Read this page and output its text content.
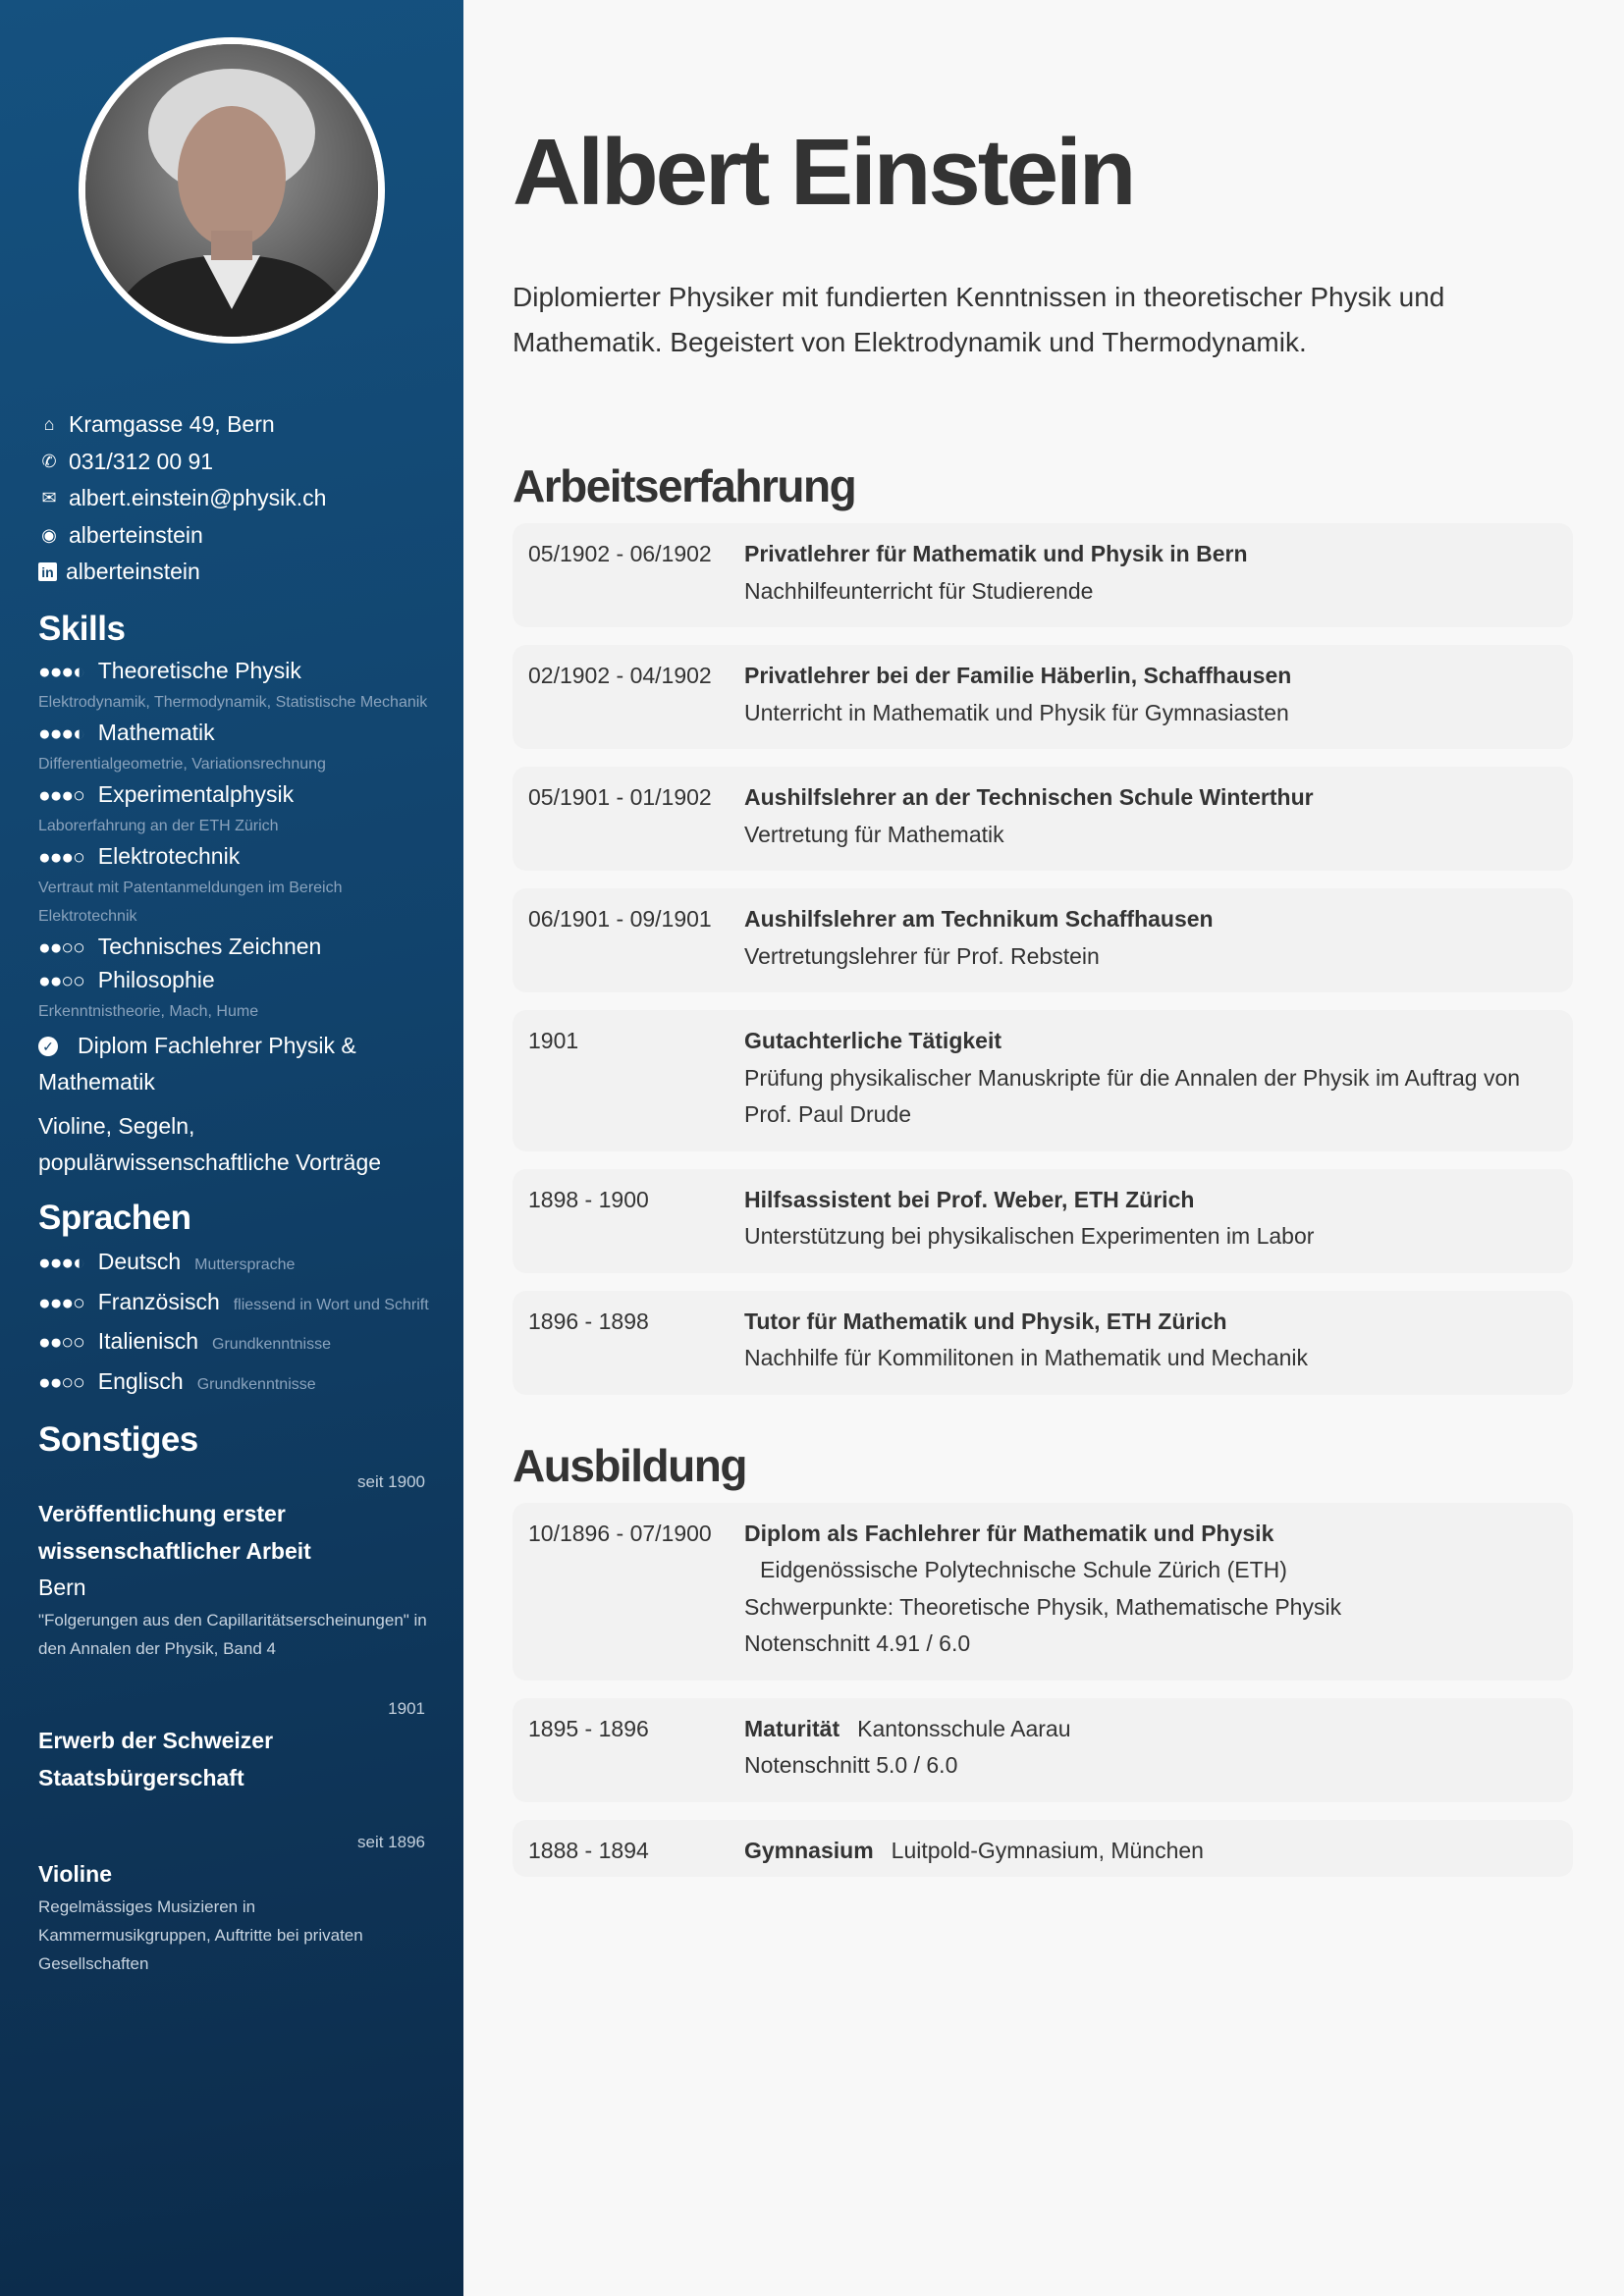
⌂ Kramgasse 49, Bern
✆ 031/312 00 91
✉ albert.einstein@physik.ch
◉ alberteinstein
in alberteinstein
Skills
●●●◐ Theoretische Physik
Elektrodynamik, Thermodynamik, Statistische Mechanik
●●●◐ Mathematik
Differentialgeometrie, Variationsrechnung
●●●○ Experimentalphysik
Laborerfahrung an der ETH Zürich
●●●○ Elektrotechnik
Vertraut mit Patentanmeldungen im Bereich Elektrotechnik
●●○○ Technisches Zeichnen
●●○○ Philosophie
Erkenntnistheorie, Mach, Hume
✓ Diplom Fachlehrer Physik & Mathematik
Violine, Segeln, populärwissenschaftliche Vorträge
Sprachen
●●●◐ Deutsch Muttersprache
●●●○ Französisch fliessend in Wort und Schrift
●●○○ Italienisch Grundkenntnisse
●●○○ Englisch Grundkenntnisse
Sonstiges
seit 1900
Veröffentlichung erster wissenschaftlicher Arbeit
Bern
"Folgerungen aus den Capillaritätserscheinungen" in den Annalen der Physik, Band 4
1901
Erwerb der Schweizer Staatsbürgerschaft
seit 1896
Violine
Regelmässiges Musizieren in Kammermusikgruppen, Auftritte bei privaten Gesellschaften
Albert Einstein
Diplomierter Physiker mit fundierten Kenntnissen in theoretischer Physik und Mathematik. Begeistert von Elektrodynamik und Thermodynamik.
Arbeitserfahrung
05/1902 - 06/1902	Privatlehrer für Mathematik und Physik in Bern
Nachhilfeunterricht für Studierende
02/1902 - 04/1902	Privatlehrer bei der Familie Häberlin, Schaffhausen
Unterricht in Mathematik und Physik für Gymnasiasten
05/1901 - 01/1902	Aushilfslehrer an der Technischen Schule Winterthur
Vertretung für Mathematik
06/1901 - 09/1901	Aushilfslehrer am Technikum Schaffhausen
Vertretungslehrer für Prof. Rebstein
1901	Gutachterliche Tätigkeit
Prüfung physikalischer Manuskripte für die Annalen der Physik im Auftrag von Prof. Paul Drude
1898 - 1900	Hilfsassistent bei Prof. Weber, ETH Zürich
Unterstützung bei physikalischen Experimenten im Labor
1896 - 1898	Tutor für Mathematik und Physik, ETH Zürich
Nachhilfe für Kommilitonen in Mathematik und Mechanik
Ausbildung
10/1896 - 07/1900	Diplom als Fachlehrer für Mathematik und Physik
Eidgenössische Polytechnische Schule Zürich (ETH)
Schwerpunkte: Theoretische Physik, Mathematische Physik
Notenschnitt 4.91 / 6.0
1895 - 1896	Maturität Kantonsschule Aarau
Notenschnitt 5.0 / 6.0
1888 - 1894	Gymnasium Luitpold-Gymnasium, München
